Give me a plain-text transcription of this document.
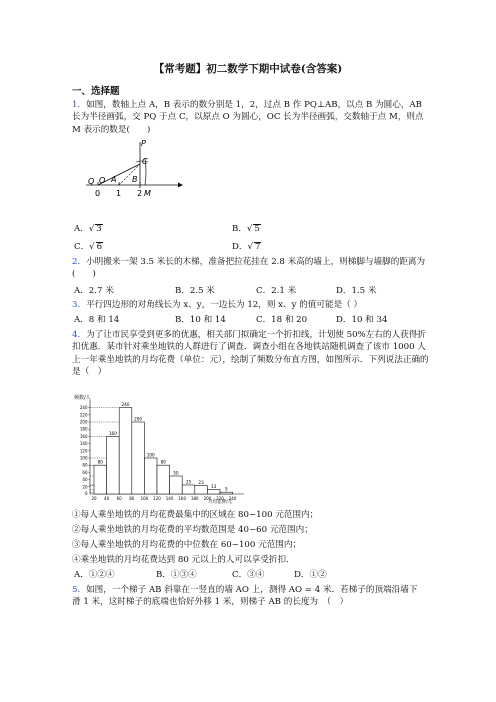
【常考题】初二数学下期中试卷(含答案)
一、选择题
1．如图，数轴上点 A，B 表示的数分别是 1，2，过点 B 作 PQ⊥AB，以点 B 为圆心，AB 长为半径画弧，交 PQ 于点 C，以原点 O 为圆心，OC 长为半径画弧，交数轴于点 M，则点 M 表示的数是(　　)
P
C
Q O A B
M
0 1 2
A．√ 3	B．√ 5
C．√ 6	D．√ 7
2．小明搬来一架 3.5 米长的木梯，准备把拉花挂在 2.8 米高的墙上，则梯脚与墙脚的距离为(　　)
A．2.7 米	B．2.5 米	C．2.1 米	D．1.5 米
3．平行四边形的对角线长为 x、y，一边长为 12，则 x、y 的值可能是（ ）
A．8 和 14	B．10 和 14	C．18 和 20	D．10 和 34
4．为了让市民享受到更多的优惠，相关部门拟确定一个折扣线，计划使 50%左右的人获得折扣优惠．某市针对乘坐地铁的人群进行了调查．调查小组在各地铁站随机调查了该市 1000 人上一年乘坐地铁的月均花费（单位：元），绘制了频数分布直方图，如图所示．下列说法正确的是（　）
频数/人
月均花费/元
0
20
40
60
80
100
120
140
160
180
200
220
240
20 40 60 80 100 120 140 160 180 200 220 240
80
160
240
200
100
80
50
25 23
13
5
①每人乘坐地铁的月均花费最集中的区域在 80~100 元范围内；
②每人乘坐地铁的月均花费的平均数范围是 40~60 元范围内；
③每人乘坐地铁的月均花费的中位数在 60~100 元范围内；
④乘坐地铁的月均花费达到 80 元以上的人可以享受折扣．
A．①②④	B．①③④	C．③④	D．①②
5．如图，一个梯子 AB 斜靠在一竖直的墙 AO 上，测得 AO = 4 米．若梯子的顶端沿墙下
滑 1 米，这时梯子的底端也恰好外移 1 米，则梯子 AB 的长度为　（　）
